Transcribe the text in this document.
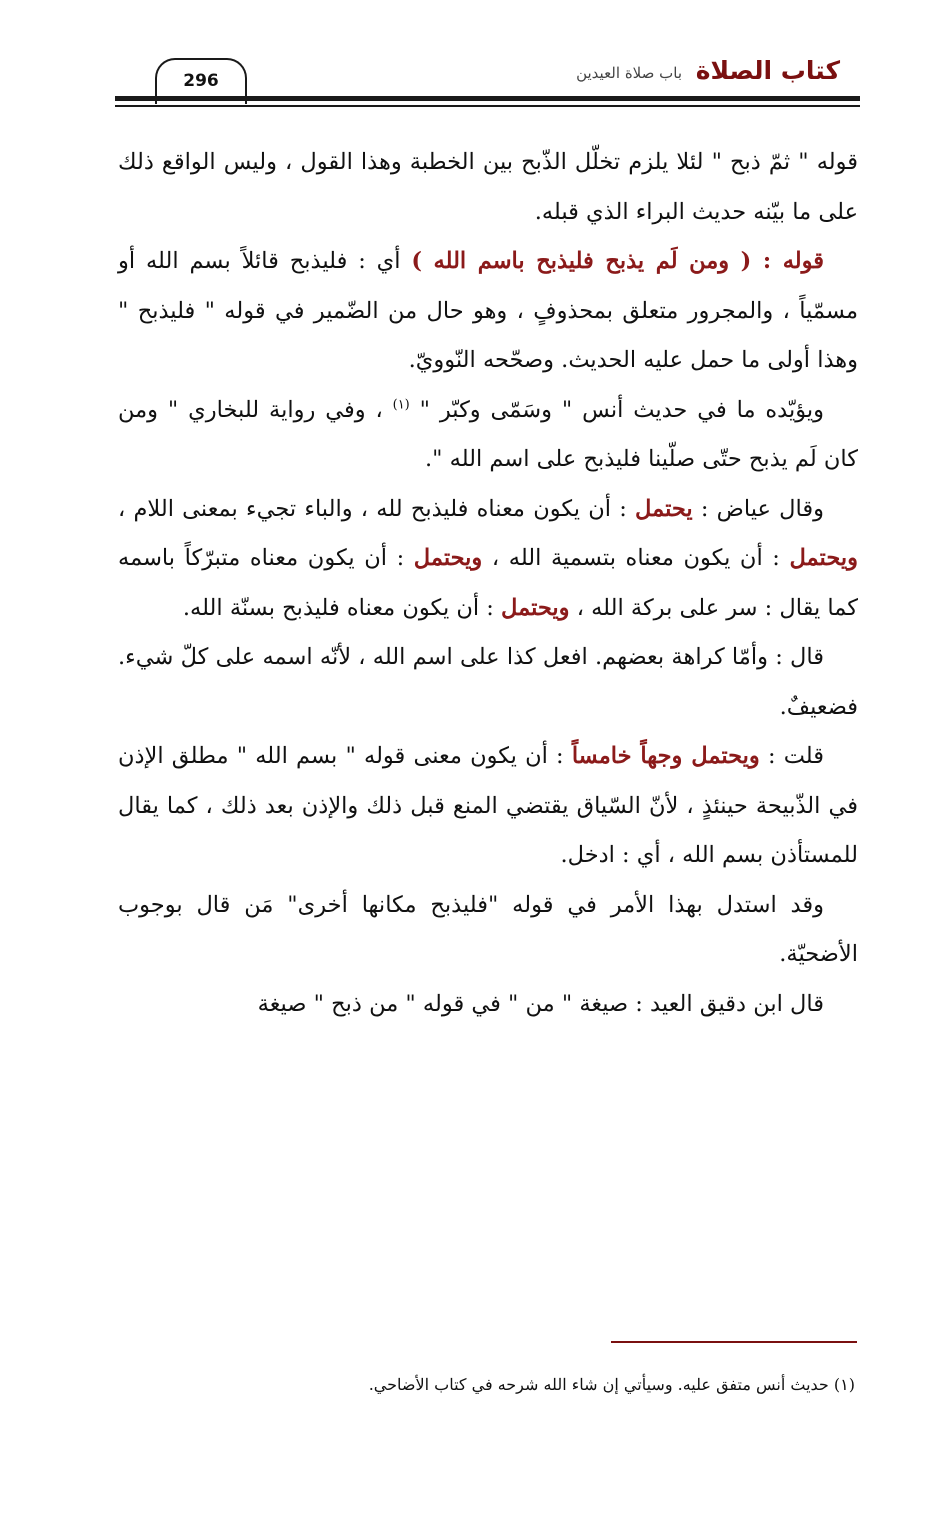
كتاب الصلاة
باب صلاة العيدين
296

قوله " ثمّ ذبح " لئلا يلزم تخلّل الذّبح بين الخطبة وهذا القول ، وليس الواقع ذلك على ما بيّنه حديث البراء الذي قبله.

قوله : ( ومن لَم يذبح فليذبح باسم الله ) أي : فليذبح قائلاً بسم الله أو مسمّياً ، والمجرور متعلق بمحذوفٍ ، وهو حال من الضّمير في قوله " فليذبح " وهذا أولى ما حمل عليه الحديث. وصحّحه النّوويّ.

ويؤيّده ما في حديث أنس " وسَمّى وكبّر " $^{(١)}$ ، وفي رواية للبخاري " ومن كان لَم يذبح حتّى صلّينا فليذبح على اسم الله ".

وقال عياض : يحتمل : أن يكون معناه فليذبح لله ، والباء تجيء بمعنى اللام ، ويحتمل : أن يكون معناه بتسمية الله ، ويحتمل : أن يكون معناه متبرّكاً باسمه كما يقال : سر على بركة الله ، ويحتمل : أن يكون معناه فليذبح بسنّة الله.

قال : وأمّا كراهة بعضهم. افعل كذا على اسم الله ، لأنّه اسمه على كلّ شيء. فضعيفٌ.

قلت : ويحتمل وجهاً خامساً : أن يكون معنى قوله " بسم الله " مطلق الإذن في الذّبيحة حينئذٍ ، لأنّ السّياق يقتضي المنع قبل ذلك والإذن بعد ذلك ، كما يقال للمستأذن بسم الله ، أي : ادخل.

وقد استدل بهذا الأمر في قوله "فليذبح مكانها أخرى" مَن قال بوجوب الأضحيّة.

قال ابن دقيق العيد : صيغة " من " في قوله " من ذبح " صيغة

(١) حديث أنس متفق عليه. وسيأتي إن شاء الله شرحه في كتاب الأضاحي.
